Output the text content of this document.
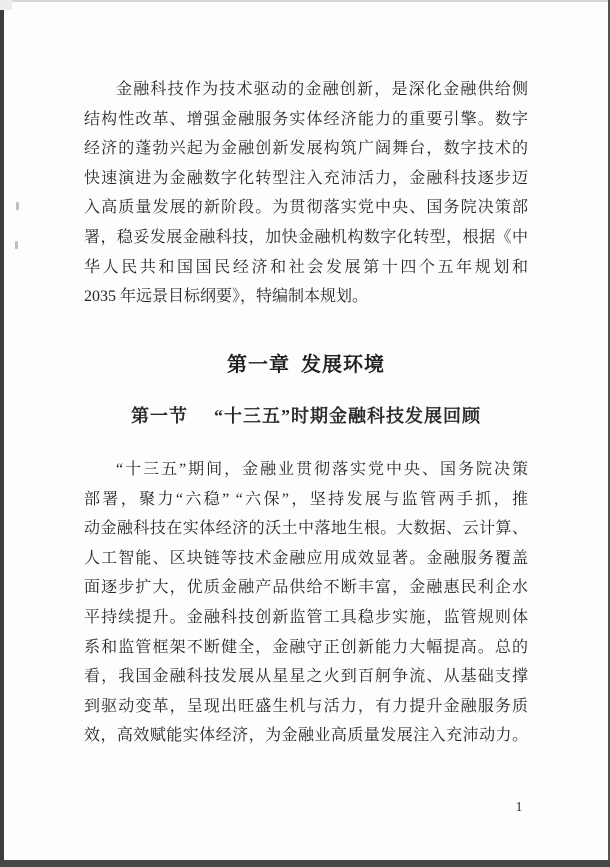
金融科技作为技术驱动的金融创新，是深化金融供给侧
结构性改革、增强金融服务实体经济能力的重要引擎。数字
经济的蓬勃兴起为金融创新发展构筑广阔舞台，数字技术的
快速演进为金融数字化转型注入充沛活力，金融科技逐步迈
入高质量发展的新阶段。为贯彻落实党中央、国务院决策部
署，稳妥发展金融科技，加快金融机构数字化转型，根据《中
华人民共和国国民经济和社会发展第十四个五年规划和
2035 年远景目标纲要》，特编制本规划。
第一章 发展环境
第一节 “十三五”时期金融科技发展回顾
“十三五”期间，金融业贯彻落实党中央、国务院决策
部署，聚力“六稳” “六保”，坚持发展与监管两手抓，推
动金融科技在实体经济的沃土中落地生根。大数据、云计算、
人工智能、区块链等技术金融应用成效显著。金融服务覆盖
面逐步扩大，优质金融产品供给不断丰富，金融惠民利企水
平持续提升。金融科技创新监管工具稳步实施，监管规则体
系和监管框架不断健全，金融守正创新能力大幅提高。总的
看，我国金融科技发展从星星之火到百舸争流、从基础支撑
到驱动变革，呈现出旺盛生机与活力，有力提升金融服务质
效，高效赋能实体经济，为金融业高质量发展注入充沛动力。
1
